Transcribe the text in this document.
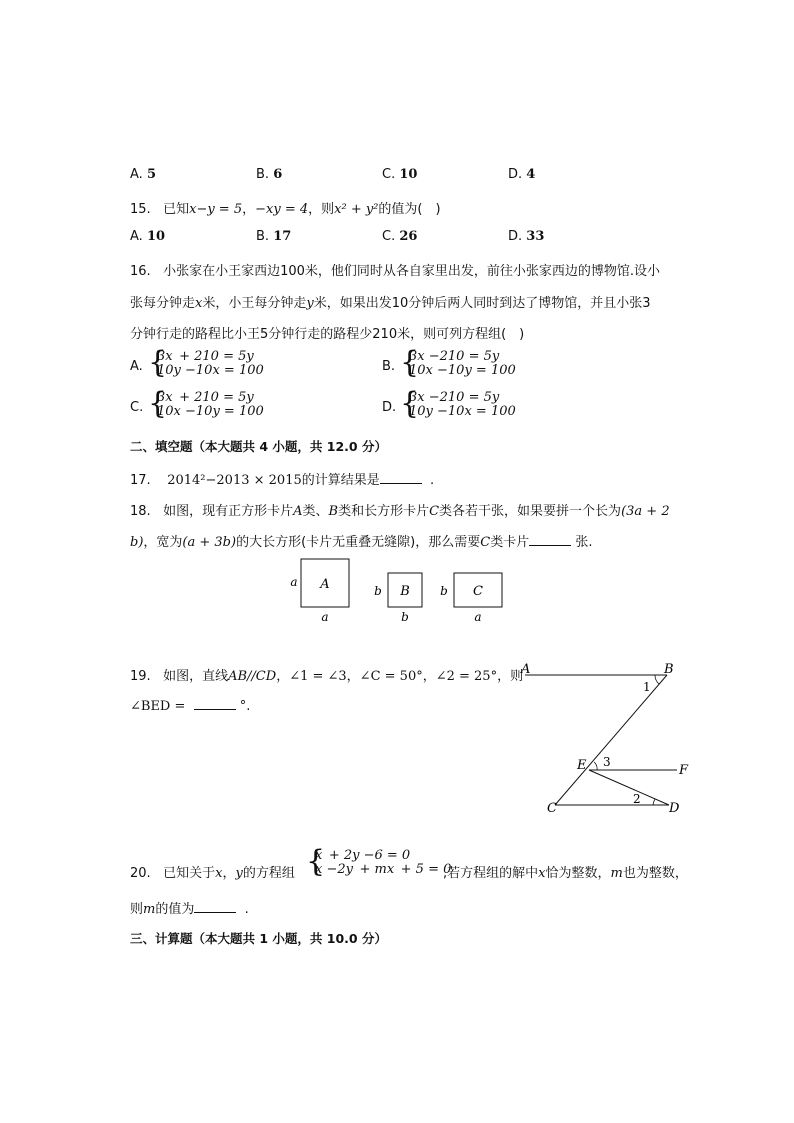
A. 5	B. 6	C. 10	D. 4
15. 已知x−y = 5，−xy = 4，则x² + y²的值为( )
A. 10	B. 17	C. 26	D. 33
16. 小张家在小王家西边100米，他们同时从各自家里出发，前往小张家西边的博物馆.设小
张每分钟走x米，小王每分钟走y米，如果出发10分钟后两人同时到达了博物馆，并且小张3
分钟行走的路程比小王5分钟行走的路程少210米，则可列方程组( )
A. {
3x + 210 = 5y
10y −10x = 100	B. {
3x −210 = 5y
10x −10y = 100
C. {
3x + 210 = 5y
10x −10y = 100	D. {
3x −210 = 5y
10y −10x = 100
二、填空题（本大题共 4 小题，共 12.0 分）
17. 2014²−2013 × 2015的计算结果是	.
18. 如图，现有正方形卡片A类、B类和长方形卡片C类各若干张，如果要拼一个长为(3a + 2
b)，宽为(a + 3b)的大长方形(卡片无重叠无缝隙)，那么需要C类卡片	张.
A
a
a
B
b
b
C
b
a
19. 如图，直线AB//CD，∠1 = ∠3，∠C = 50°，∠2 = 25°，则
∠BED =	°.
A	B
C	D
E	F
1
3
2
20. 已知关于x，y的方程组 {
x + 2y −6 = 0
x −2y + mx + 5 = 0
,若方程组的解中x恰为整数，m也为整数，
则m的值为	.
三、计算题（本大题共 1 小题，共 10.0 分）
